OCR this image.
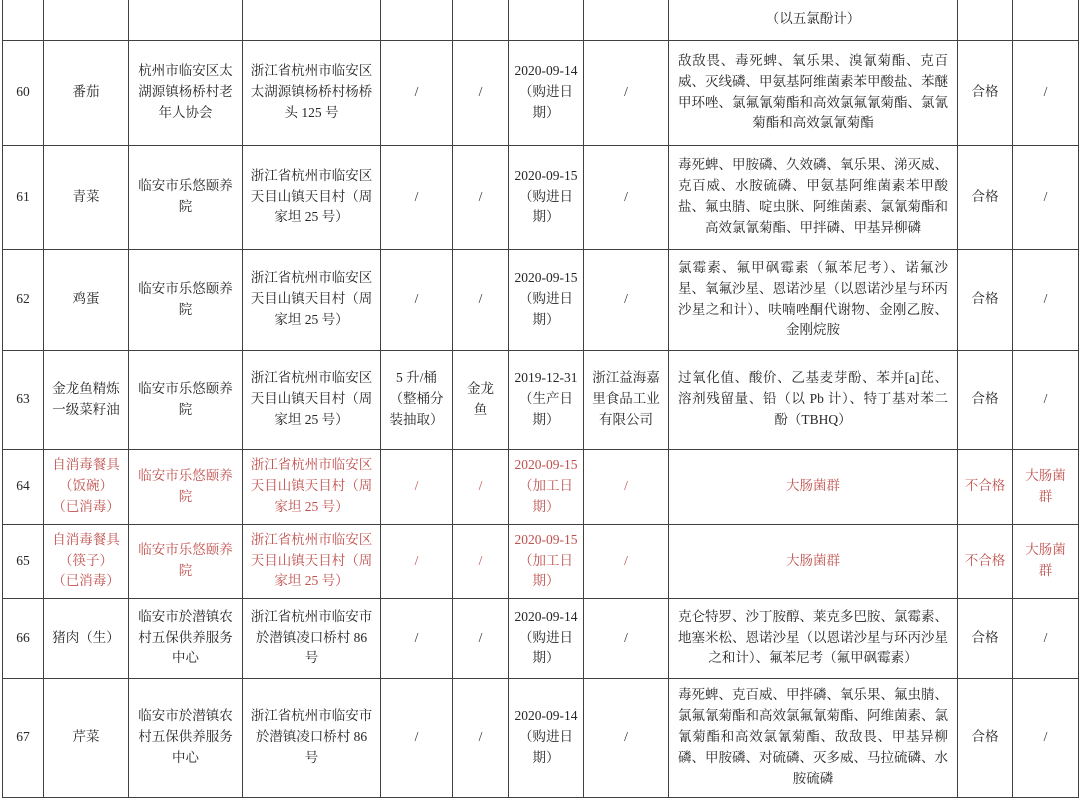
								（以五氯酚计）		
60	番茄	杭州市临安区太湖源镇杨桥村老年人协会	浙江省杭州市临安区太湖源镇杨桥村杨桥头 125 号	/	/	2020-09-14（购进日期）	/	敌敌畏、毒死蜱、氧乐果、溴氰菊酯、克百威、灭线磷、甲氨基阿维菌素苯甲酸盐、苯醚甲环唑、氯氟氰菊酯和高效氯氟氰菊酯、氯氰菊酯和高效氯氰菊酯	合格	/
61	青菜	临安市乐悠颐养院	浙江省杭州市临安区天目山镇天目村（周家坦 25 号）	/	/	2020-09-15（购进日期）	/	毒死蜱、甲胺磷、久效磷、氧乐果、涕灭威、克百威、水胺硫磷、甲氨基阿维菌素苯甲酸盐、氟虫腈、啶虫脒、阿维菌素、氯氰菊酯和高效氯氰菊酯、甲拌磷、甲基异柳磷	合格	/
62	鸡蛋	临安市乐悠颐养院	浙江省杭州市临安区天目山镇天目村（周家坦 25 号）	/	/	2020-09-15（购进日期）	/	氯霉素、氟甲砜霉素（氟苯尼考）、诺氟沙星、氧氟沙星、恩诺沙星（以恩诺沙星与环丙沙星之和计）、呋喃唑酮代谢物、金刚乙胺、金刚烷胺	合格	/
63	金龙鱼精炼一级菜籽油	临安市乐悠颐养院	浙江省杭州市临安区天目山镇天目村（周家坦 25 号）	5 升/桶（整桶分装抽取）	金龙鱼	2019-12-31（生产日期）	浙江益海嘉里食品工业有限公司	过氧化值、酸价、乙基麦芽酚、苯并[a]芘、溶剂残留量、铅（以 Pb 计）、特丁基对苯二酚（TBHQ）	合格	/
64	自消毒餐具（饭碗）（已消毒）	临安市乐悠颐养院	浙江省杭州市临安区天目山镇天目村（周家坦 25 号）	/	/	2020-09-15（加工日期）	/	大肠菌群	不合格	大肠菌群
65	自消毒餐具（筷子）（已消毒）	临安市乐悠颐养院	浙江省杭州市临安区天目山镇天目村（周家坦 25 号）	/	/	2020-09-15（加工日期）	/	大肠菌群	不合格	大肠菌群
66	猪肉（生）	临安市於潜镇农村五保供养服务中心	浙江省杭州市临安市於潜镇凌口桥村 86 号	/	/	2020-09-14（购进日期）	/	克仑特罗、沙丁胺醇、莱克多巴胺、氯霉素、地塞米松、恩诺沙星（以恩诺沙星与环丙沙星之和计）、氟苯尼考（氟甲砜霉素）	合格	/
67	芹菜	临安市於潜镇农村五保供养服务中心	浙江省杭州市临安市於潜镇凌口桥村 86 号	/	/	2020-09-14（购进日期）	/	毒死蜱、克百威、甲拌磷、氧乐果、氟虫腈、氯氟氰菊酯和高效氯氟氰菊酯、阿维菌素、氯氰菊酯和高效氯氰菊酯、敌敌畏、甲基异柳磷、甲胺磷、对硫磷、灭多威、马拉硫磷、水胺硫磷	合格	/
